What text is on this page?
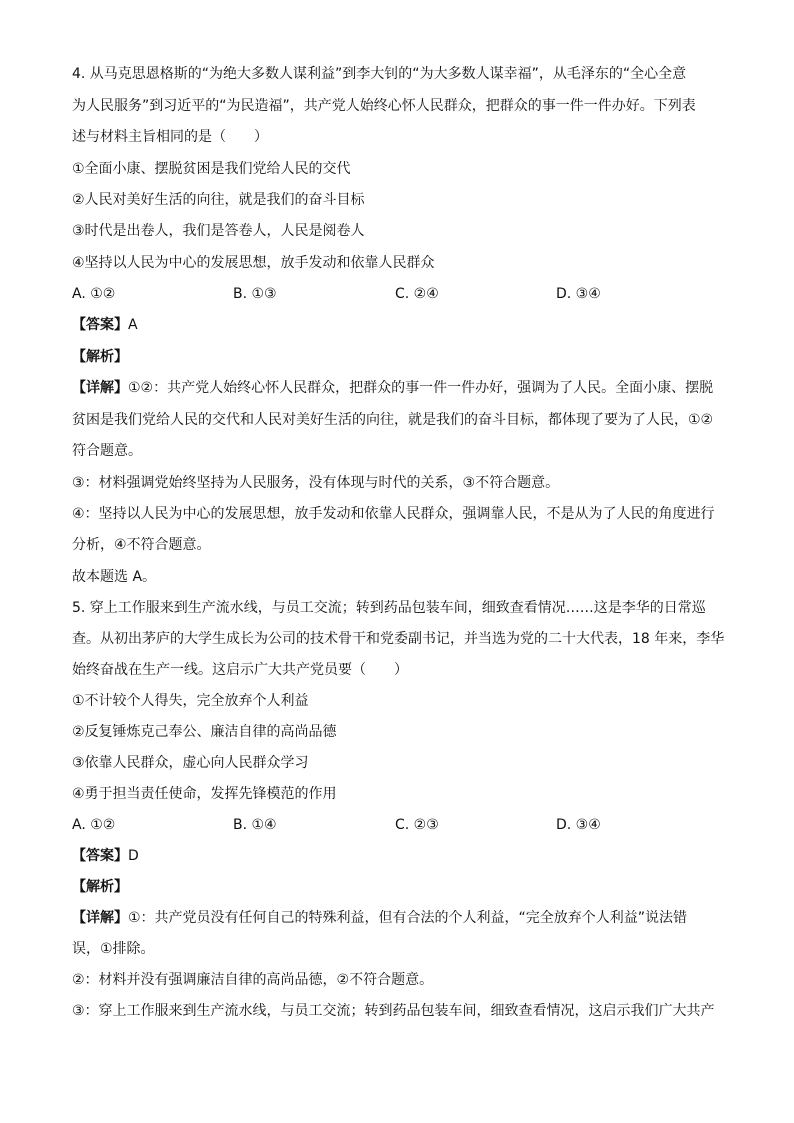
4. 从马克思恩格斯的“为绝大多数人谋利益”到李大钊的“为大多数人谋幸福”，从毛泽东的“全心全意
为人民服务”到习近平的“为民造福”，共产党人始终心怀人民群众，把群众的事一件一件办好。下列表
述与材料主旨相同的是（　　）
①全面小康、摆脱贫困是我们党给人民的交代
②人民对美好生活的向往，就是我们的奋斗目标
③时代是出卷人，我们是答卷人，人民是阅卷人
④坚持以人民为中心的发展思想，放手发动和依靠人民群众
A. ①②	B. ①③	C. ②④	D. ③④
【答案】A
【解析】
【详解】①②：共产党人始终心怀人民群众，把群众的事一件一件办好，强调为了人民。全面小康、摆脱
贫困是我们党给人民的交代和人民对美好生活的向往，就是我们的奋斗目标，都体现了要为了人民，①②
符合题意。
③：材料强调党始终坚持为人民服务，没有体现与时代的关系，③不符合题意。
④：坚持以人民为中心的发展思想，放手发动和依靠人民群众，强调靠人民，不是从为了人民的角度进行
分析，④不符合题意。
故本题选 A。
5. 穿上工作服来到生产流水线，与员工交流；转到药品包装车间，细致查看情况……这是李华的日常巡
查。从初出茅庐的大学生成长为公司的技术骨干和党委副书记，并当选为党的二十大代表，18 年来，李华
始终奋战在生产一线。这启示广大共产党员要（　　）
①不计较个人得失，完全放弃个人利益
②反复锤炼克己奉公、廉洁自律的高尚品德
③依靠人民群众，虚心向人民群众学习
④勇于担当责任使命，发挥先锋模范的作用
A. ①②	B. ①④	C. ②③	D. ③④
【答案】D
【解析】
【详解】①：共产党员没有任何自己的特殊利益，但有合法的个人利益，“完全放弃个人利益”说法错
误，①排除。
②：材料并没有强调廉洁自律的高尚品德，②不符合题意。
③：穿上工作服来到生产流水线，与员工交流；转到药品包装车间，细致查看情况，这启示我们广大共产
